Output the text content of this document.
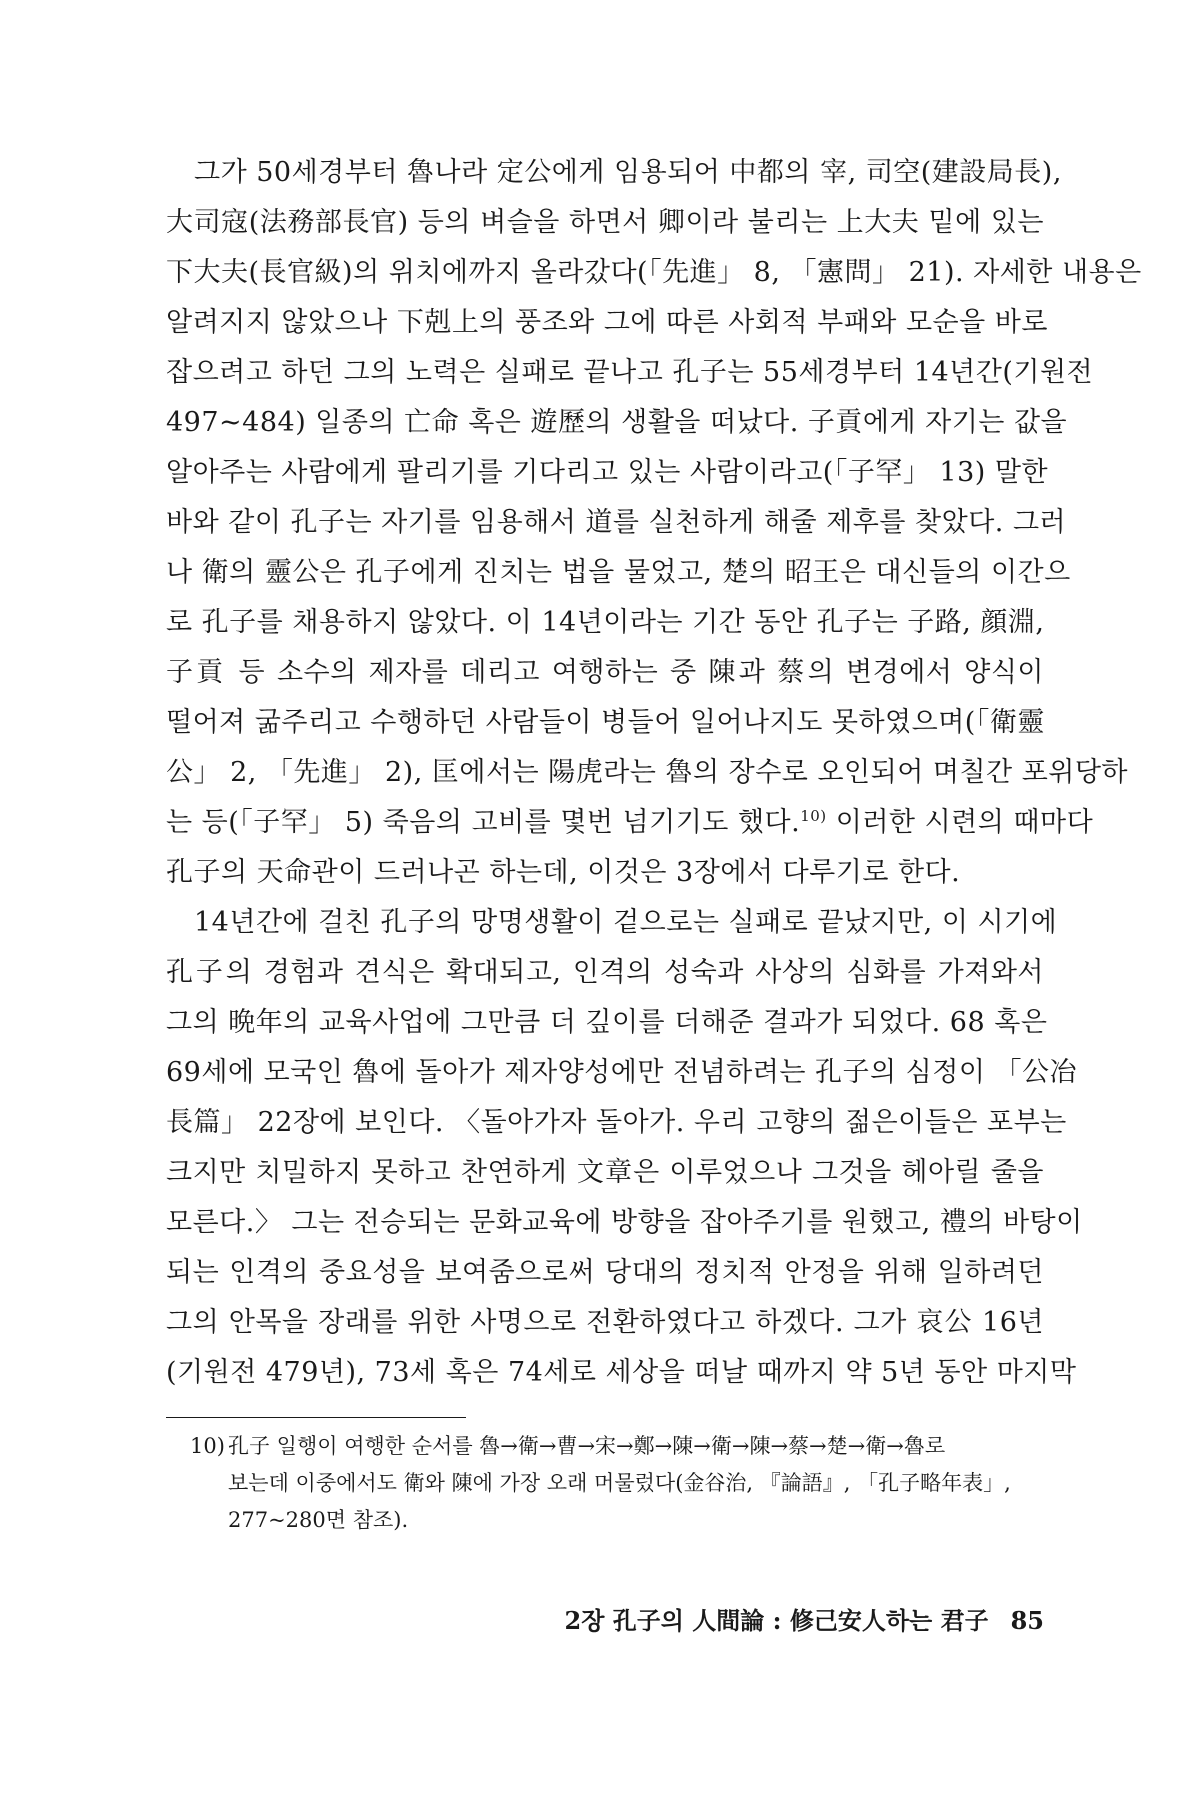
그가 50세경부터 魯나라 定公에게 임용되어 中都의 宰, 司空(建設局長),
大司寇(法務部長官) 등의 벼슬을 하면서 卿이라 불리는 上大夫 밑에 있는
下大夫(長官級)의 위치에까지 올라갔다(「先進」 8, 「憲問」 21). 자세한 내용은
알려지지 않았으나 下剋上의 풍조와 그에 따른 사회적 부패와 모순을 바로
잡으려고 하던 그의 노력은 실패로 끝나고 孔子는 55세경부터 14년간(기원전
497~484) 일종의 亡命 혹은 遊歷의 생활을 떠났다. 子貢에게 자기는 값을
알아주는 사람에게 팔리기를 기다리고 있는 사람이라고(「子罕」 13) 말한
바와 같이 孔子는 자기를 임용해서 道를 실천하게 해줄 제후를 찾았다. 그러
나 衛의 靈公은 孔子에게 진치는 법을 물었고, 楚의 昭王은 대신들의 이간으
로 孔子를 채용하지 않았다. 이 14년이라는 기간 동안 孔子는 子路, 顔淵,
子貢 등 소수의 제자를 데리고 여행하는 중 陳과 蔡의 변경에서 양식이
떨어져 굶주리고 수행하던 사람들이 병들어 일어나지도 못하였으며(「衛靈
公」 2, 「先進」 2), 匡에서는 陽虎라는 魯의 장수로 오인되어 며칠간 포위당하
는 등(「子罕」 5) 죽음의 고비를 몇번 넘기기도 했다.$^{10)}$ 이러한 시련의 때마다
孔子의 天命관이 드러나곤 하는데, 이것은 3장에서 다루기로 한다.

14년간에 걸친 孔子의 망명생활이 겉으로는 실패로 끝났지만, 이 시기에
孔子의 경험과 견식은 확대되고, 인격의 성숙과 사상의 심화를 가져와서
그의 晩年의 교육사업에 그만큼 더 깊이를 더해준 결과가 되었다. 68 혹은
69세에 모국인 魯에 돌아가 제자양성에만 전념하려는 孔子의 심정이 「公冶
長篇」 22장에 보인다. 〈돌아가자 돌아가. 우리 고향의 젊은이들은 포부는
크지만 치밀하지 못하고 찬연하게 文章은 이루었으나 그것을 헤아릴 줄을
모른다.〉 그는 전승되는 문화교육에 방향을 잡아주기를 원했고, 禮의 바탕이
되는 인격의 중요성을 보여줌으로써 당대의 정치적 안정을 위해 일하려던
그의 안목을 장래를 위한 사명으로 전환하였다고 하겠다. 그가 哀公 16년
(기원전 479년), 73세 혹은 74세로 세상을 떠날 때까지 약 5년 동안 마지막

10) 孔子 일행이 여행한 순서를 魯→衛→曹→宋→鄭→陳→衛→陳→蔡→楚→衛→魯로
보는데 이중에서도 衛와 陳에 가장 오래 머물렀다(金谷治, 『論語』, 「孔子略年表」,
277~280면 참조).
2장 孔子의 人間論 : 修己安人하는 君子 85
